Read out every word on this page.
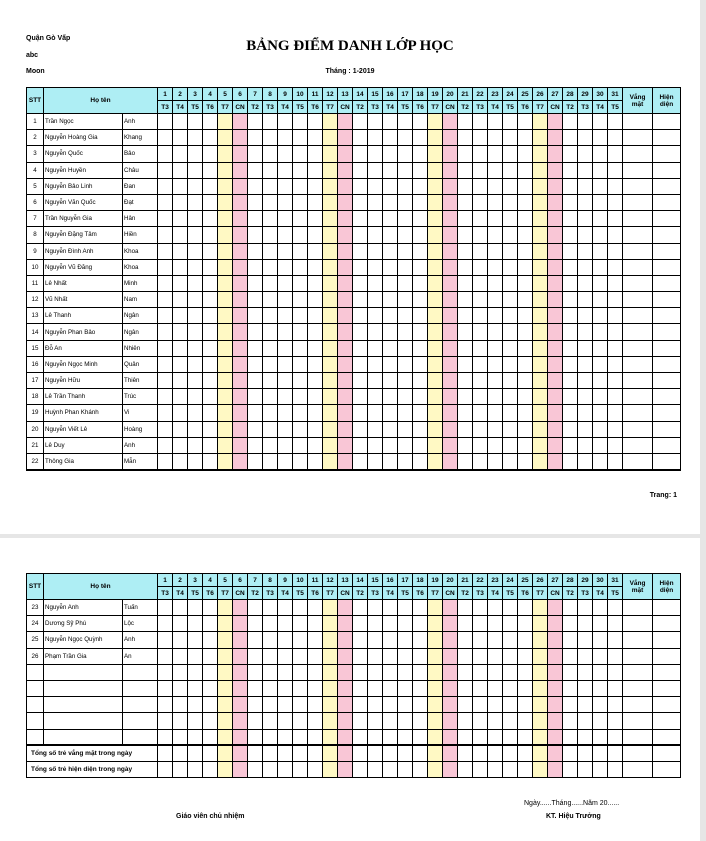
Quận Gò Vấp
abc
Moon
BẢNG ĐIỂM DANH LỚP HỌC
Tháng : 1-2019
STT	Họ tên		1	2	3	4	5	6	7	8	9	10	11	12	13	14	15	16	17	18	19	20	21	22	23	24	25	26	27	28	29	30	31	Vắng mặt	Hiện diện
			T3	T4	T5	T6	T7	CN	T2	T3	T4	T5	T6	T7	CN	T2	T3	T4	T5	T6	T7	CN	T2	T3	T4	T5	T6	T7	CN	T2	T3	T4	T5		
1	Trần Ngọc	Anh																																	
2	Nguyễn Hoàng Gia	Khang																																	
3	Nguyễn Quốc	Bảo																																	
4	Nguyễn Huyền	Châu																																	
5	Nguyễn Bảo Linh	Đan																																	
6	Nguyễn Văn Quốc	Đạt																																	
7	Trần Nguyễn Gia	Hân																																	
8	Nguyễn Đặng Tâm	Hiền																																	
9	Nguyễn Đình Anh	Khoa																																	
10	Nguyễn Vũ Đăng	Khoa																																	
11	Lê Nhất	Minh																																	
12	Vũ Nhất	Nam																																	
13	Lê Thanh	Ngân																																	
14	Nguyễn Phan Bảo	Ngân																																	
15	Đỗ An	Nhiên																																	
16	Nguyễn Ngọc Minh	Quân																																	
17	Nguyễn Hữu	Thiên																																	
18	Lê Trần Thanh	Trúc																																	
19	Huỳnh Phan Khánh	Vi																																	
20	Nguyễn Viết Lê	Hoàng																																	
21	Lê Duy	Anh																																	
22	Thông Gia	Mẫn																																	
Trang: 1
STT	Họ tên		1	2	3	4	5	6	7	8	9	10	11	12	13	14	15	16	17	18	19	20	21	22	23	24	25	26	27	28	29	30	31	Vắng mặt	Hiện diện
			T3	T4	T5	T6	T7	CN	T2	T3	T4	T5	T6	T7	CN	T2	T3	T4	T5	T6	T7	CN	T2	T3	T4	T5	T6	T7	CN	T2	T3	T4	T5		
23	Nguyễn Anh	Tuấn																																	
24	Dương Sỹ Phú	Lộc																																	
25	Nguyễn Ngọc Quỳnh	Anh																																	
26	Phạm Trần Gia	An																																	

Tổng số trẻ vắng mặt trong ngày																																			
Tổng số trẻ hiện diện trong ngày																																			
Ngày......Tháng......Năm 20......
Giáo viên chủ nhiệm	KT. Hiệu Trưởng
